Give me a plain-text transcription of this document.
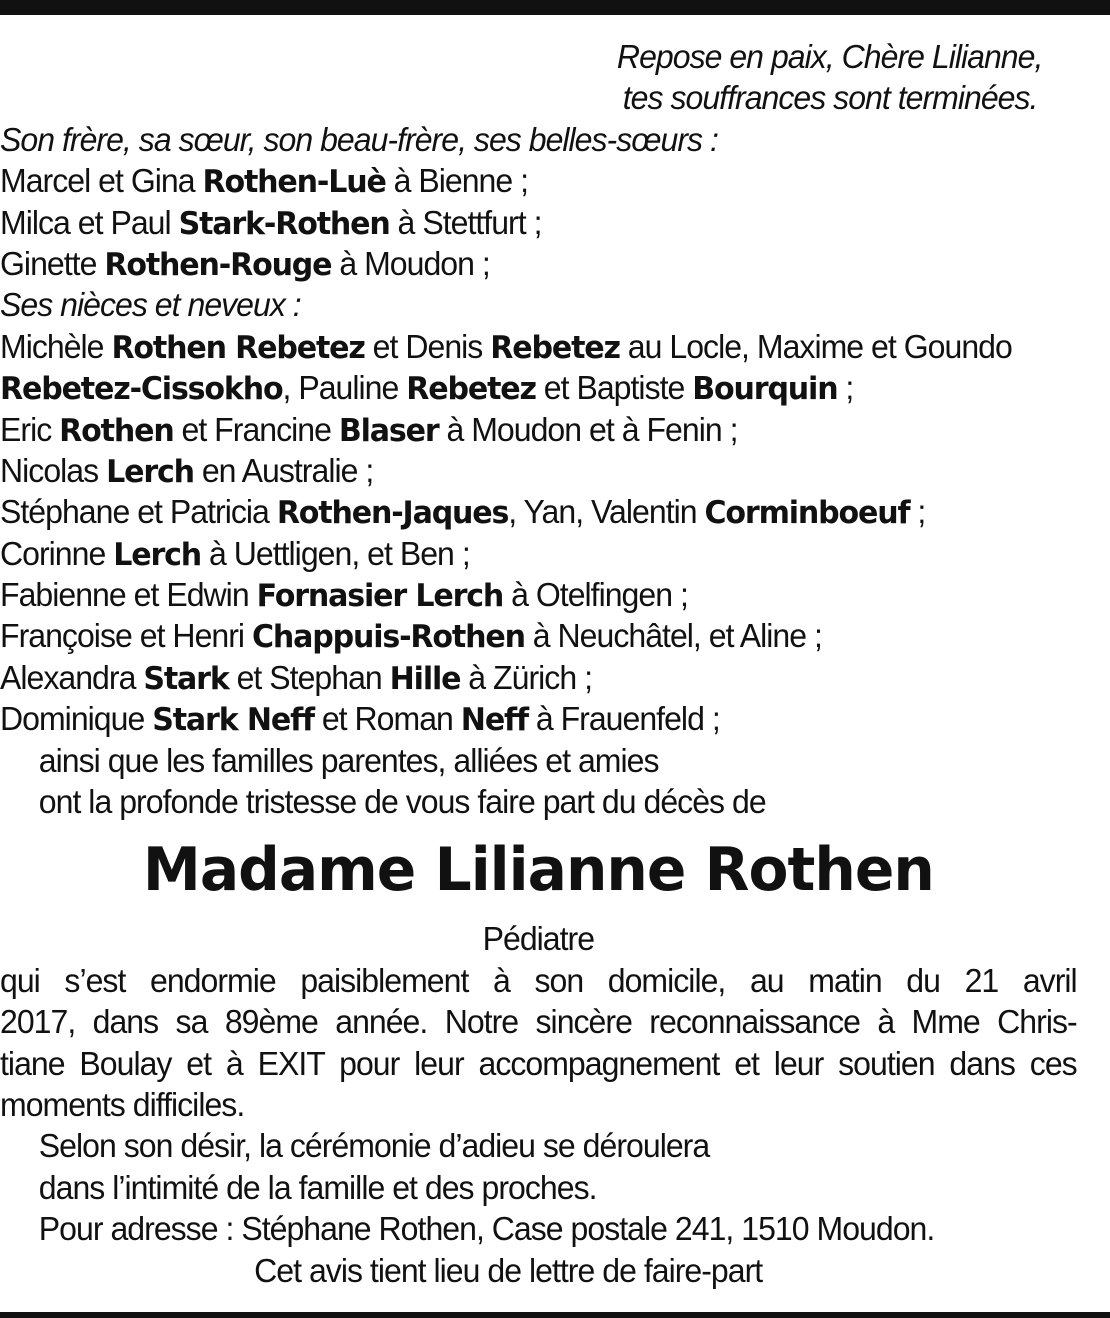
Repose en paix, Chère Lilianne,
tes souffrances sont terminées.
Son frère, sa sœur, son beau-frère, ses belles-sœurs :
Marcel et Gina Rothen-Luè à Bienne ;
Milca et Paul Stark-Rothen à Stettfurt ;
Ginette Rothen-Rouge à Moudon ;
Ses nièces et neveux :
Michèle Rothen Rebetez et Denis Rebetez au Locle, Maxime et Goundo
Rebetez-Cissokho, Pauline Rebetez et Baptiste Bourquin ;
Eric Rothen et Francine Blaser à Moudon et à Fenin ;
Nicolas Lerch en Australie ;
Stéphane et Patricia Rothen-Jaques, Yan, Valentin Corminboeuf ;
Corinne Lerch à Uettligen, et Ben ;
Fabienne et Edwin Fornasier Lerch à Otelfingen ;
Françoise et Henri Chappuis-Rothen à Neuchâtel, et Aline ;
Alexandra Stark et Stephan Hille à Zürich ;
Dominique Stark Neff et Roman Neff à Frauenfeld ;
ainsi que les familles parentes, alliées et amies
ont la profonde tristesse de vous faire part du décès de
Madame Lilianne Rothen
Pédiatre
qui s’est endormie paisiblement à son domicile, au matin du 21 avril
2017, dans sa 89ème année. Notre sincère reconnaissance à Mme Chris-
tiane Boulay et à EXIT pour leur accompagnement et leur soutien dans ces
moments difficiles.
Selon son désir, la cérémonie d’adieu se déroulera
dans l’intimité de la famille et des proches.
Pour adresse : Stéphane Rothen, Case postale 241, 1510 Moudon.
Cet avis tient lieu de lettre de faire-part
